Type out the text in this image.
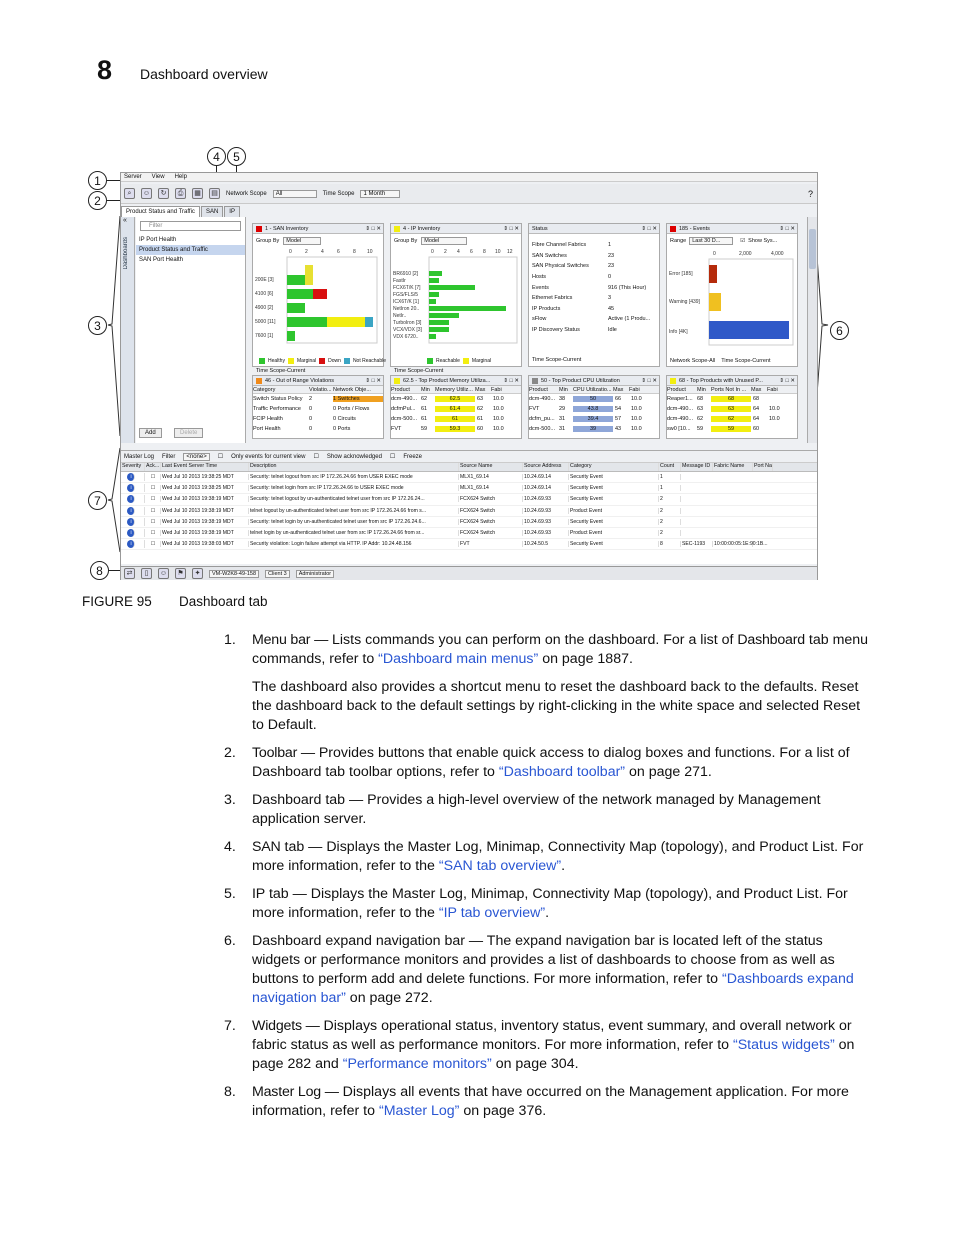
8 Dashboard overview
1
2
3
4	5
6
7
8
Server View Help
⌕	☺	↻	⎙	▦	▤	Network Scope	All	Time Scope	1 Month	?
Product Status and Traffic	SAN	IP
«
Dashboards
Filter
IP Port Health
Product Status and Traffic
SAN Port Health
Add	Delete
1 - SAN Inventory	⇕ □ ✕
Group By	Model
0	2	4	6	8 10
200E [3]
4100 [6]
4900 [2]
5000 [11]
7600 [1]
Healthy Marginal Down Not Reachable
Time Scope-Current
4 - IP Inventory	⇕ □ ✕
Group By	Model
0 2 4 6 8 10 12
BR6910 [2]
FastIr
FCX6T/K [7]
FGS/FLS/5
ICX6T/K [1]
NetIron 20..
NetIr..
TurboIron [3]
VCX/VDX [3]
VDX 6720..
Reachable Marginal
Time Scope-Current
Status	⇕ □ ✕
Fibre Channel Fabrics	1
SAN Switches	23
SAN Physical Switches	23
Hosts	0
Events	916 (This Hour)
Ethernet Fabrics	3
IP Products	45
sFlow	Active (1 Produ...
IP Discovery Status	Idle
Time Scope-Current
185 - Events	⇕ □ ✕
Range	Last 30 D...	☑ Show Sys...
0	2,000	4,000
Error [185]
Warning [439]
Info [4K]
Network Scope-All Time Scope-Current
46 - Out of Range Violations	⇕ □ ✕
Category	Violatio... Network Obje...
Switch Status Policy	2	1 Switches
Traffic Performance	0	0 Ports / Flows
FCIP Health	0	0 Circuits
Port Health	0	0 Ports
62.5 - Top Product Memory Utiliza... ⇕ □ ✕
Product	Min Memory Utiliz... Max	Fabi
dcm-490... 62	62.5	63	10.0
dcfmPul...	61	61.4	62	10.0
dcm-500... 61	61	61	10.0
FVT	59	59.3	60	10.0
50 - Top Product CPU Utilization	⇕ □ ✕
Product	Min CPU Utilizatio... Max	Fabi
dcm-490... 38	50	66	10.0
FVT	29	43.8	54	10.0
dcfm_pu... 31	39.4	57	10.0
dcm-500... 31	39	43	10.0
68 - Top Products with Unused P...	⇕ □ ✕
Product	Min Ports Not In ... Max	Fabi
Reaper1... 68	68	68
dcm-490... 63	63	64	10.0
dcm-490... 62	62	64	10.0
sw0 [10...	59	59	60
Master Log Filter	<none>	☐ Only events for current view ☐ Show acknowledged ☐ Freeze
Severity Ack... Last Event Server Time	Description	Source Name	Source Address	Category	Count	Message ID Fabric Name	Port Na
i	☐	Wed Jul 10 2013 19:38:25 MDT	Security: telnet logout from src IP 172.26.24.66 from USER EXEC mode	MLX1_69.14	10.24.69.14	Security Event	1
i	☐	Wed Jul 10 2013 19:38:25 MDT	Security: telnet login from src IP 172.26.24.66 to USER EXEC mode	MLX1_69.14	10.24.69.14	Security Event	1
i	☐	Wed Jul 10 2013 19:38:19 MDT	Security: telnet logout by un-authenticated telnet user from src IP 172.26.24...	FCX624 Switch	10.24.69.93	Security Event	2
i	☐	Wed Jul 10 2013 19:38:19 MDT	telnet logout by un-authenticated telnet user from src IP 172.26.24.66 from s...	FCX624 Switch	10.24.69.93	Product Event	2
i	☐	Wed Jul 10 2013 19:38:19 MDT	Security: telnet login by un-authenticated telnet user from src IP 172.26.24.6...	FCX624 Switch	10.24.69.93	Security Event	2
i	☐	Wed Jul 10 2013 19:38:19 MDT	telnet login by un-authenticated telnet user from src IP 172.26.24.66 from sr...	FCX624 Switch	10.24.69.93	Product Event	2
i	☐	Wed Jul 10 2013 19:38:03 MDT	Security violation: Login failure attempt via HTTP. IP Addr: 10.24.48.156	FVT	10.24.50.5	Security Event	8	SEC-1193	10:00:00:05:1E:90:1B...
⇄	▯	☺	⚑	✦	VM-W2K8-49-158	Client 3	Administrator
FIGURE 95 Dashboard tab
1. Menu bar — Lists commands you can perform on the dashboard. For a list of Dashboard tab menu commands, refer to “Dashboard main menus” on page 1887.
The dashboard also provides a shortcut menu to reset the dashboard back to the defaults. Reset the dashboard back to the default settings by right-clicking in the white space and selected Reset to Default.
2. Toolbar — Provides buttons that enable quick access to dialog boxes and functions. For a list of Dashboard tab toolbar options, refer to “Dashboard toolbar” on page 271.
3. Dashboard tab — Provides a high-level overview of the network managed by Management application server.
4. SAN tab — Displays the Master Log, Minimap, Connectivity Map (topology), and Product List. For more information, refer to the “SAN tab overview”.
5. IP tab — Displays the Master Log, Minimap, Connectivity Map (topology), and Product List. For more information, refer to the “IP tab overview”.
6. Dashboard expand navigation bar — The expand navigation bar is located left of the status widgets or performance monitors and provides a list of dashboards to choose from as well as buttons to perform add and delete functions. For more information, refer to “Dashboards expand navigation bar” on page 272.
7. Widgets — Displays operational status, inventory status, event summary, and overall network or fabric status as well as performance monitors. For more information, refer to “Status widgets” on page 282 and “Performance monitors” on page 304.
8. Master Log — Displays all events that have occurred on the Management application. For more information, refer to “Master Log” on page 376.
